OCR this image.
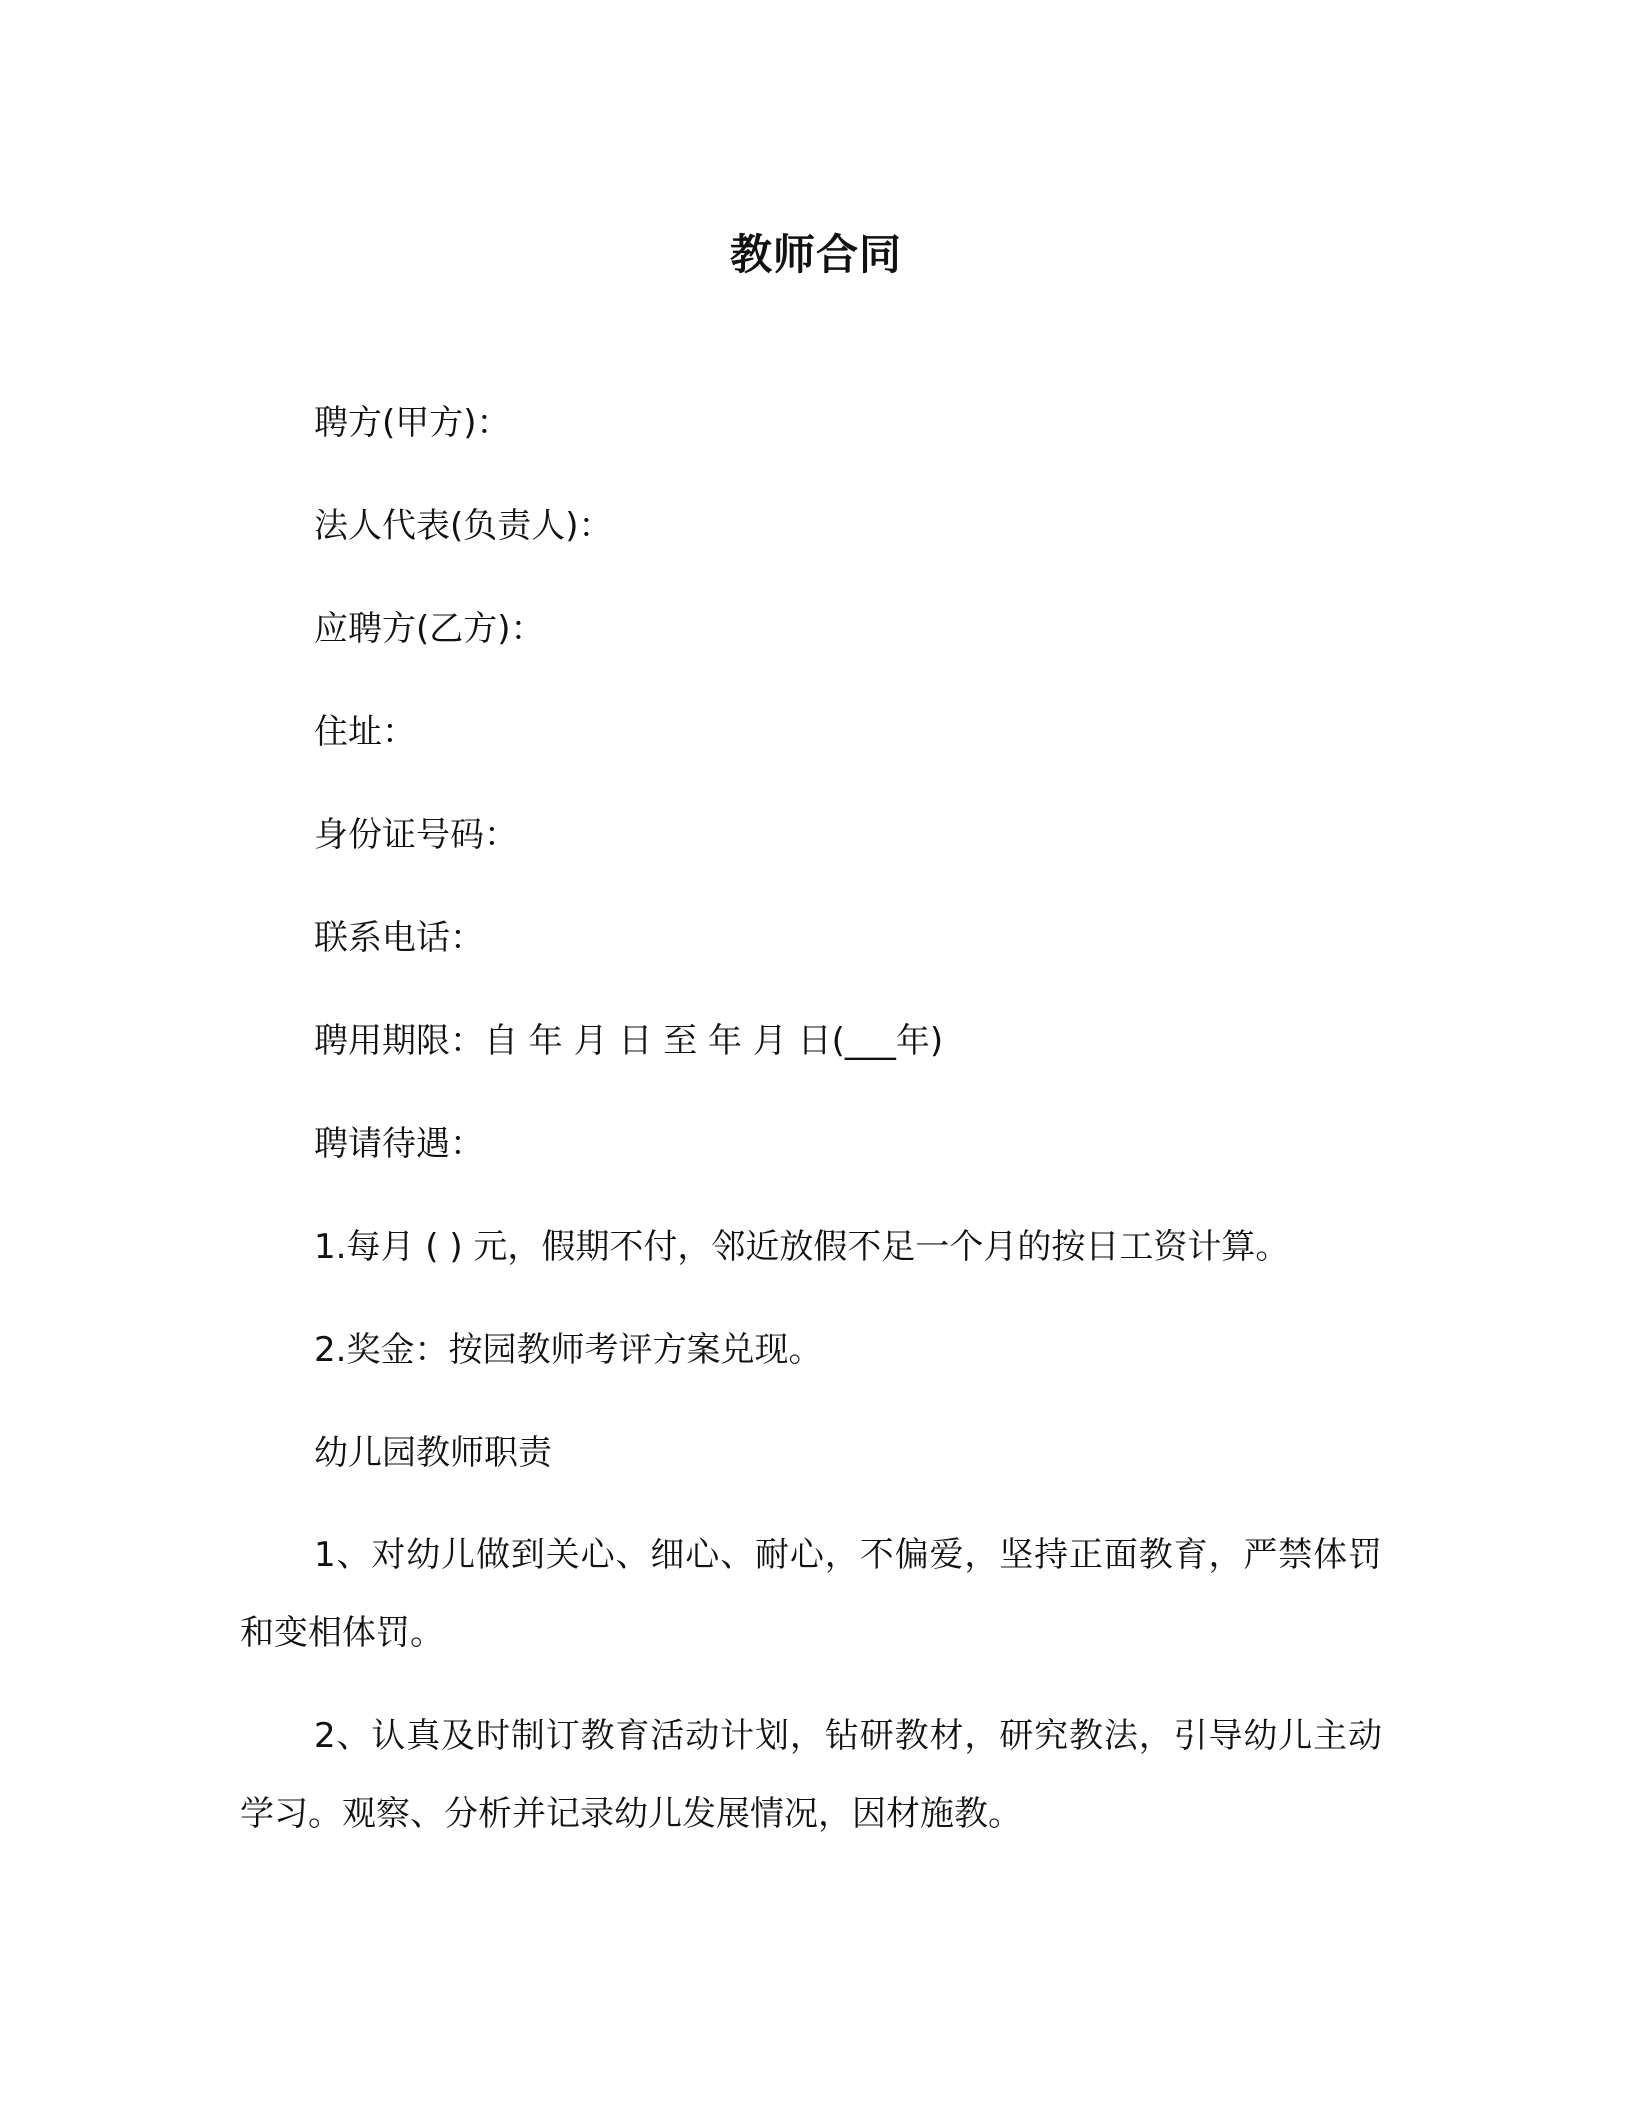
教师合同

聘方(甲方)：

法人代表(负责人)：

应聘方(乙方)：

住址：

身份证号码：

联系电话：

聘用期限：自 年 月 日 至 年 月 日(___年)

聘请待遇：

1.每月 ( ) 元，假期不付，邻近放假不足一个月的按日工资计算。

2.奖金：按园教师考评方案兑现。

幼儿园教师职责

1、对幼儿做到关心、细心、耐心，不偏爱，坚持正面教育，严禁体罚和变相体罚。

2、认真及时制订教育活动计划，钻研教材，研究教法，引导幼儿主动学习。观察、分析并记录幼儿发展情况，因材施教。
